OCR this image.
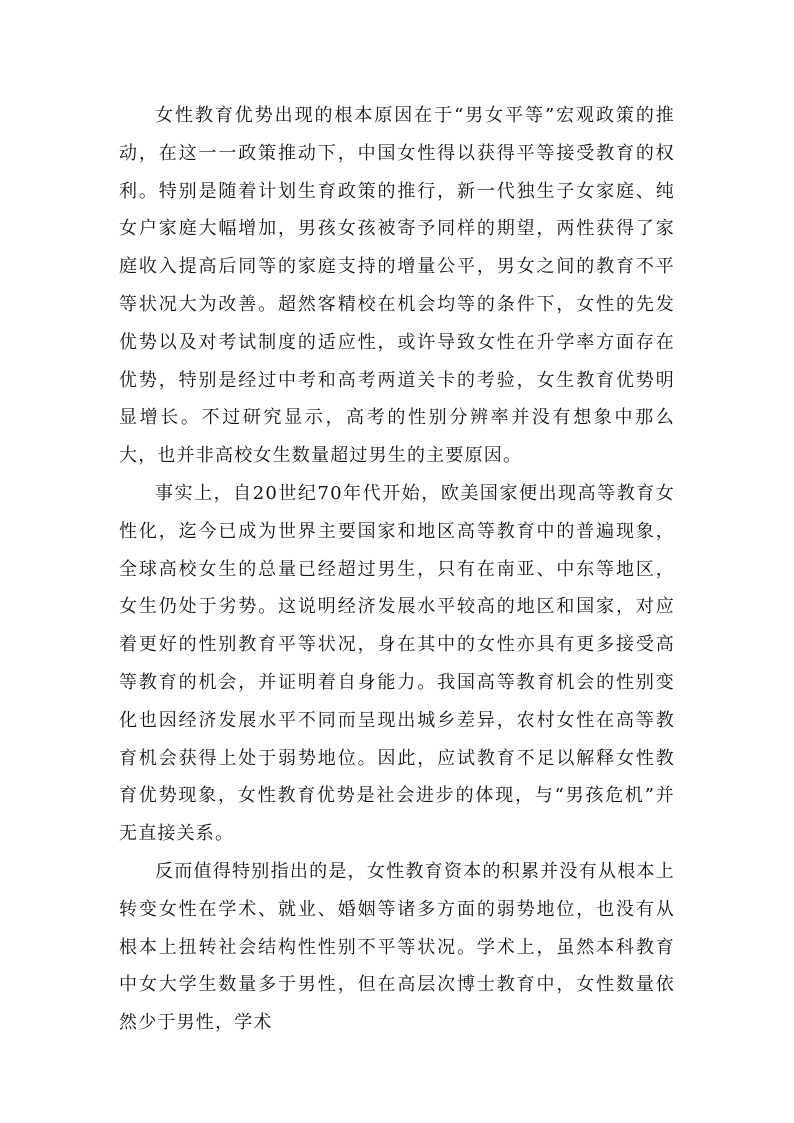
女性教育优势出现的根本原因在于“男女平等”宏观政策的推动，在这一一政策推动下，中国女性得以获得平等接受教育的权利。特别是随着计划生育政策的推行，新一代独生子女家庭、纯女户家庭大幅增加，男孩女孩被寄予同样的期望，两性获得了家庭收入提高后同等的家庭支持的增量公平，男女之间的教育不平等状况大为改善。超然客精校在机会均等的条件下，女性的先发优势以及对考试制度的适应性，或许导致女性在升学率方面存在优势，特别是经过中考和高考两道关卡的考验，女生教育优势明显增长。不过研究显示，高考的性别分辨率并没有想象中那么大，也并非高校女生数量超过男生的主要原因。

事实上，自20世纪70年代开始，欧美国家便出现高等教育女性化，迄今已成为世界主要国家和地区高等教育中的普遍现象，全球高校女生的总量已经超过男生，只有在南亚、中东等地区，女生仍处于劣势。这说明经济发展水平较高的地区和国家，对应着更好的性别教育平等状况，身在其中的女性亦具有更多接受高等教育的机会，并证明着自身能力。我国高等教育机会的性别变化也因经济发展水平不同而呈现出城乡差异，农村女性在高等教育机会获得上处于弱势地位。因此，应试教育不足以解释女性教育优势现象，女性教育优势是社会进步的体现，与“男孩危机”并无直接关系。

反而值得特别指出的是，女性教育资本的积累并没有从根本上转变女性在学术、就业、婚姻等诸多方面的弱势地位，也没有从根本上扭转社会结构性性别不平等状况。学术上，虽然本科教育中女大学生数量多于男性，但在高层次博士教育中，女性数量依然少于男性，学术
